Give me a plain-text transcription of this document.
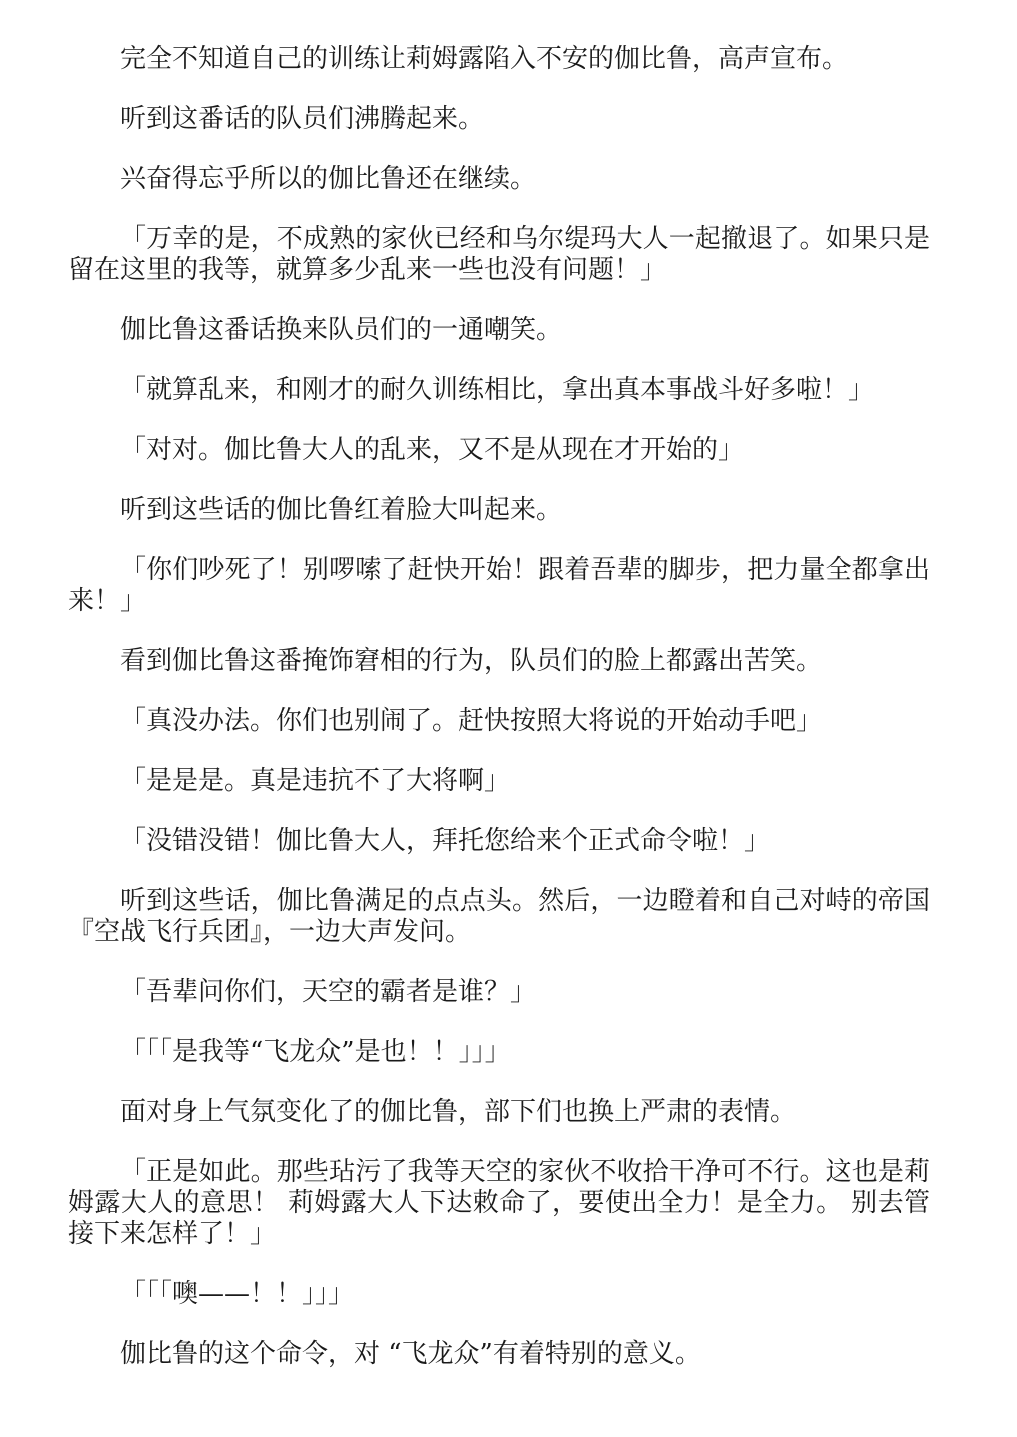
完全不知道自己的训练让莉姆露陷入不安的伽比鲁，高声宣布。

听到这番话的队员们沸腾起来。

兴奋得忘乎所以的伽比鲁还在继续。

「万幸的是，不成熟的家伙已经和乌尔缇玛大人一起撤退了。如果只是留在这里的我等，就算多少乱来一些也没有问题！」

伽比鲁这番话换来队员们的一通嘲笑。

「就算乱来，和刚才的耐久训练相比，拿出真本事战斗好多啦！」

「对对。伽比鲁大人的乱来，又不是从现在才开始的」

听到这些话的伽比鲁红着脸大叫起来。

「你们吵死了！别啰嗦了赶快开始！跟着吾辈的脚步，把力量全都拿出来！」

看到伽比鲁这番掩饰窘相的行为，队员们的脸上都露出苦笑。

「真没办法。你们也别闹了。赶快按照大将说的开始动手吧」

「是是是。真是违抗不了大将啊」

「没错没错！伽比鲁大人，拜托您给来个正式命令啦！」

听到这些话，伽比鲁满足的点点头。然后，一边瞪着和自己对峙的帝国『空战飞行兵团』，一边大声发问。

「吾辈问你们，天空的霸者是谁？」

「「「是我等“飞龙众”是也！！」」」

面对身上气氛变化了的伽比鲁，部下们也换上严肃的表情。

「正是如此。那些玷污了我等天空的家伙不收拾干净可不行。这也是莉姆露大人的意思！ 莉姆露大人下达敕命了，要使出全力！是全力。 别去管接下来怎样了！」

「「「噢——！！」」」

伽比鲁的这个命令，对 “飞龙众”有着特别的意义。
